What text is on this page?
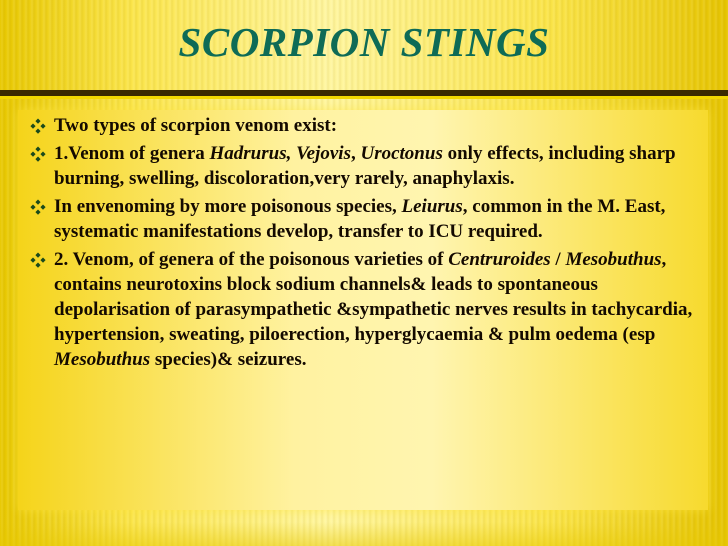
SCORPION STINGS
Two types of scorpion venom exist:
1.Venom of genera Hadrurus, Vejovis, Uroctonus only effects, including sharp burning, swelling, discoloration,very rarely, anaphylaxis.
In envenoming by more poisonous species, Leiurus, common in the M. East, systematic manifestations develop, transfer to ICU required.
2. Venom, of genera of the poisonous varieties of Centruroides / Mesobuthus, contains neurotoxins block sodium channels& leads to spontaneous depolarisation of parasympathetic &sympathetic nerves results in tachycardia, hypertension, sweating, piloerection, hyperglycaemia & pulm oedema (esp Mesobuthus species)& seizures.
